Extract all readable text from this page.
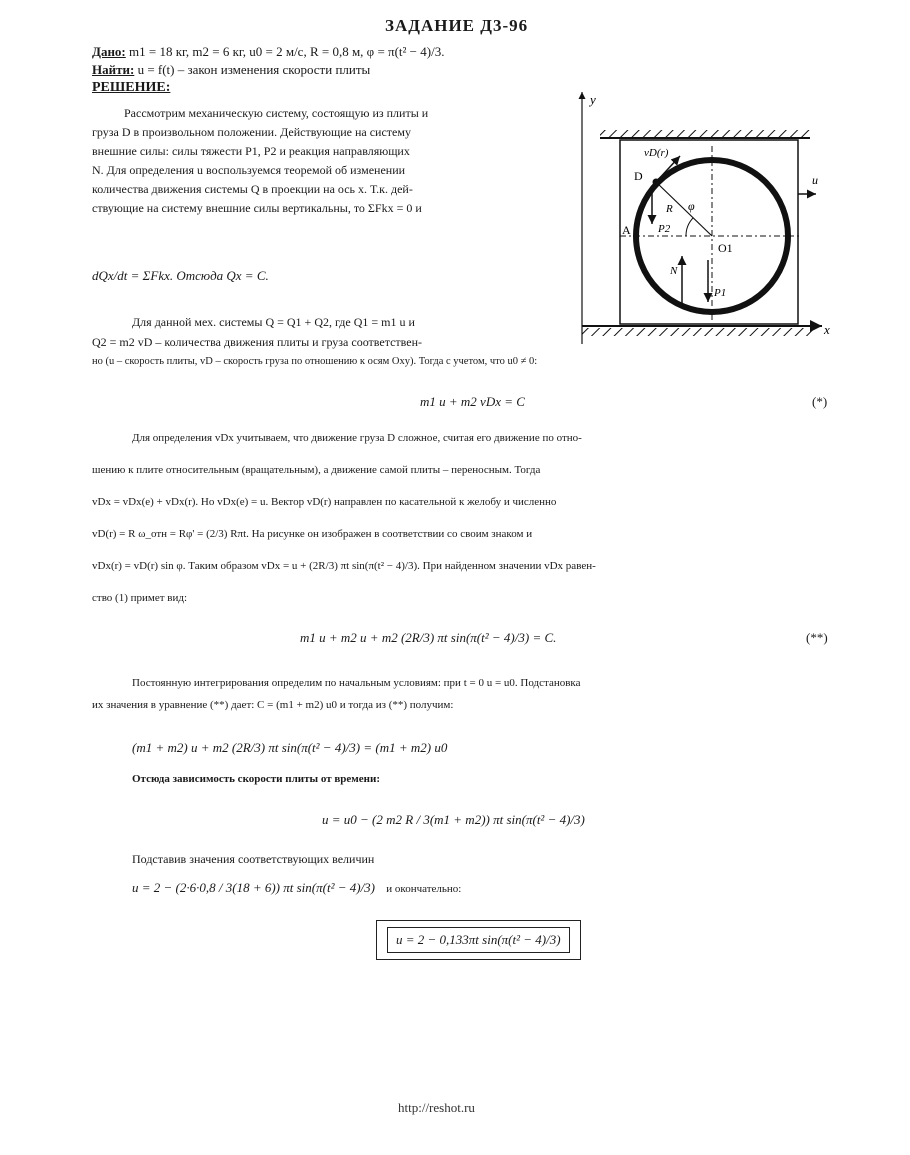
ЗАДАНИЕ Д3-96
Дано: m1 = 18 кг, m2 = 6 кг, u0 = 2 м/с, R = 0,8 м, φ = π(t² − 4)/3.
Найти: u = f(t) – закон изменения скорости плиты
РЕШЕНИЕ:
Рассмотрим механическую систему, состоящую из плиты и
груза D в произвольном положении. Действующие на систему
внешние силы: силы тяжести P1, P2 и реакция направляющих
N. Для определения u воспользуемся теоремой об изменении
количества движения системы Q в проекции на ось x. Т.к. дей-
ствующие на систему внешние силы вертикальны, то ΣFkx = 0 и
dQx/dt = ΣFkx. Отсюда Qx = C.
Для данной мех. системы Q = Q1 + Q2, где Q1 = m1 u и
Q2 = m2 vD – количества движения плиты и груза соответствен-
но (u – скорость плиты, vD – скорость груза по отношению к осям Oxy). Тогда с учетом, что u0 ≠ 0:
m1 u + m2 vDx = C	(*)
Для определения vDx учитываем, что движение груза D сложное, считая его движение по отно-
шению к плите относительным (вращательным), а движение самой плиты – переносным. Тогда
vDx = vDx(e) + vDx(r). Но vDx(e) = u. Вектор vD(r) направлен по касательной к желобу и численно
vD(r) = R ω_отн = Rφ' = (2/3) Rπt. На рисунке он изображен в соответствии со своим знаком и
vDx(r) = vD(r) sin φ. Таким образом vDx = u + (2R/3) πt sin(π(t² − 4)/3). При найденном значении vDx равен-
ство (1) примет вид:
m1 u + m2 u + m2 (2R/3) πt sin(π(t² − 4)/3) = C.	(**)
Постоянную интегрирования определим по начальным условиям: при t = 0 u = u0. Подстановка
их значения в уравнение (**) дает: C = (m1 + m2) u0 и тогда из (**) получим:
(m1 + m2) u + m2 (2R/3) πt sin(π(t² − 4)/3) = (m1 + m2) u0
Отсюда зависимость скорости плиты от времени:
u = u0 − (2 m2 R / 3(m1 + m2)) πt sin(π(t² − 4)/3)
Подставив значения соответствующих величин
u = 2 − (2·6·0,8 / 3(18 + 6)) πt sin(π(t² − 4)/3) и окончательно:
u = 2 − 0,133πt sin(π(t² − 4)/3)
http://reshot.ru
y
x
D
vD(r)
A
O1
φ
R
P2
N
P1
u
